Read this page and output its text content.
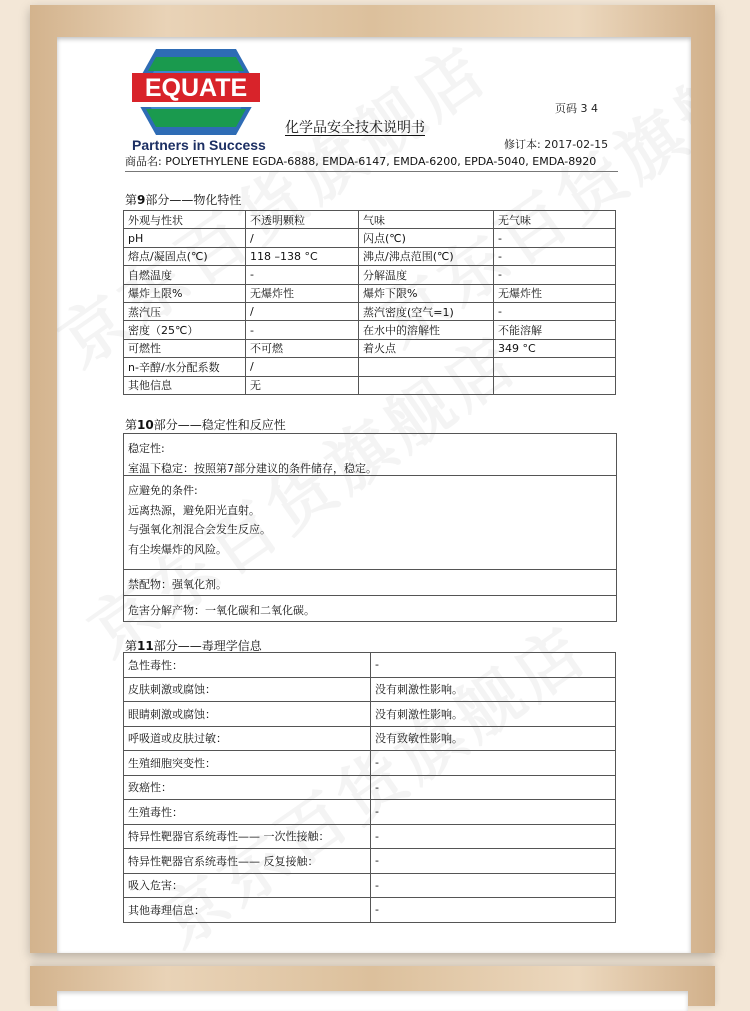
EQUATE
Partners in Success
页码 3 4
化学品安全技术说明书
修订本: 2017-02-15
商品名: POLYETHYLENE EGDA-6888, EMDA-6147, EMDA-6200, EPDA-5040, EMDA-8920
第9部分——物化特性
外观与性状	不透明颗粒	气味	无气味
pH	/	闪点(℃)	-
熔点/凝固点(℃)	118 –138 °C	沸点/沸点范围(℃)	-
自燃温度	-	分解温度	-
爆炸上限%	无爆炸性	爆炸下限%	无爆炸性
蒸汽压	/	蒸汽密度(空气=1)	-
密度（25℃）	-	在水中的溶解性	不能溶解
可燃性	不可燃	着火点	349 °C
n-辛醇/水分配系数	/		
其他信息	无		
第10部分——稳定性和反应性
稳定性:
室温下稳定：按照第7部分建议的条件储存，稳定。
应避免的条件:
远离热源，避免阳光直射。
与强氧化剂混合会发生反应。
有尘埃爆炸的风险。
禁配物：强氧化剂。
危害分解产物：一氧化碳和二氧化碳。
第11部分——毒理学信息
急性毒性：	-
皮肤刺激或腐蚀：	没有刺激性影响。
眼睛刺激或腐蚀：	没有刺激性影响。
呼吸道或皮肤过敏：	没有致敏性影响。
生殖细胞突变性：	-
致癌性：	-
生殖毒性：	-
特异性靶器官系统毒性—— 一次性接触：	-
特异性靶器官系统毒性—— 反复接触：	-
吸入危害：	-
其他毒理信息：	-
